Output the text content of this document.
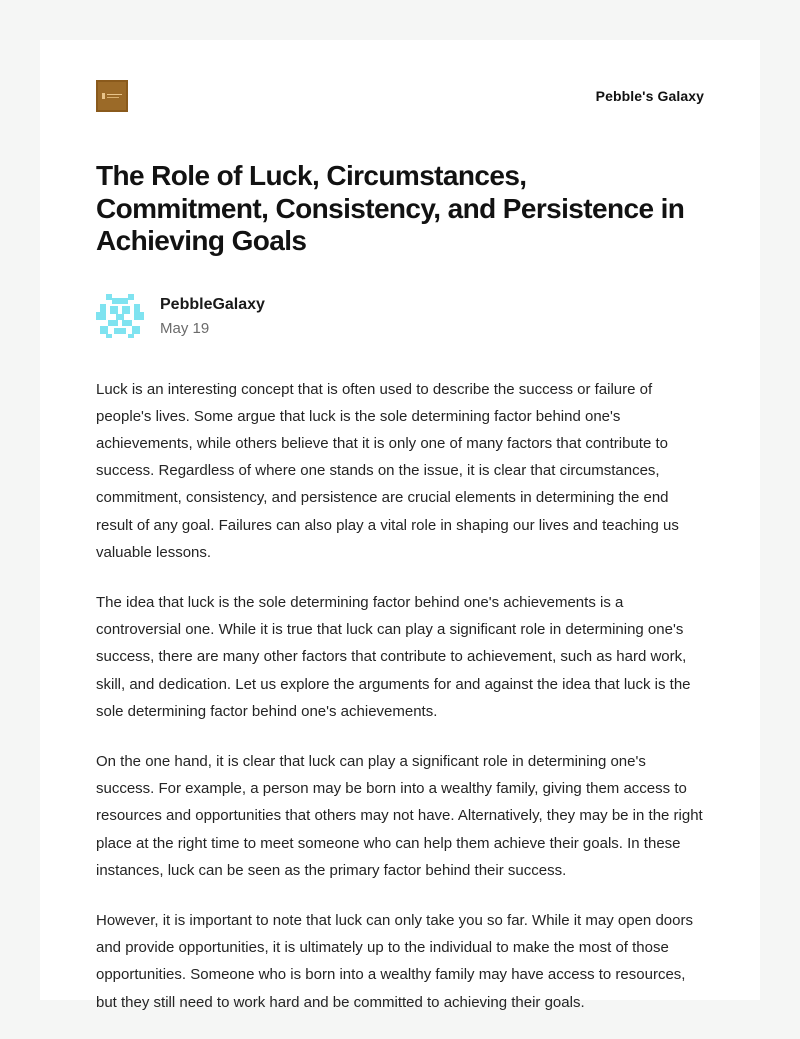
Pebble's Galaxy
The Role of Luck, Circumstances, Commitment, Consistency, and Persistence in Achieving Goals
PebbleGalaxy
May 19

Luck is an interesting concept that is often used to describe the success or failure of people's lives. Some argue that luck is the sole determining factor behind one's achievements, while others believe that it is only one of many factors that contribute to success. Regardless of where one stands on the issue, it is clear that circumstances, commitment, consistency, and persistence are crucial elements in determining the end result of any goal. Failures can also play a vital role in shaping our lives and teaching us valuable lessons.

The idea that luck is the sole determining factor behind one's achievements is a controversial one. While it is true that luck can play a significant role in determining one's success, there are many other factors that contribute to achievement, such as hard work, skill, and dedication. Let us explore the arguments for and against the idea that luck is the sole determining factor behind one's achievements.

On the one hand, it is clear that luck can play a significant role in determining one's success. For example, a person may be born into a wealthy family, giving them access to resources and opportunities that others may not have. Alternatively, they may be in the right place at the right time to meet someone who can help them achieve their goals. In these instances, luck can be seen as the primary factor behind their success.

However, it is important to note that luck can only take you so far. While it may open doors and provide opportunities, it is ultimately up to the individual to make the most of those opportunities. Someone who is born into a wealthy family may have access to resources, but they still need to work hard and be committed to achieving their goals.
